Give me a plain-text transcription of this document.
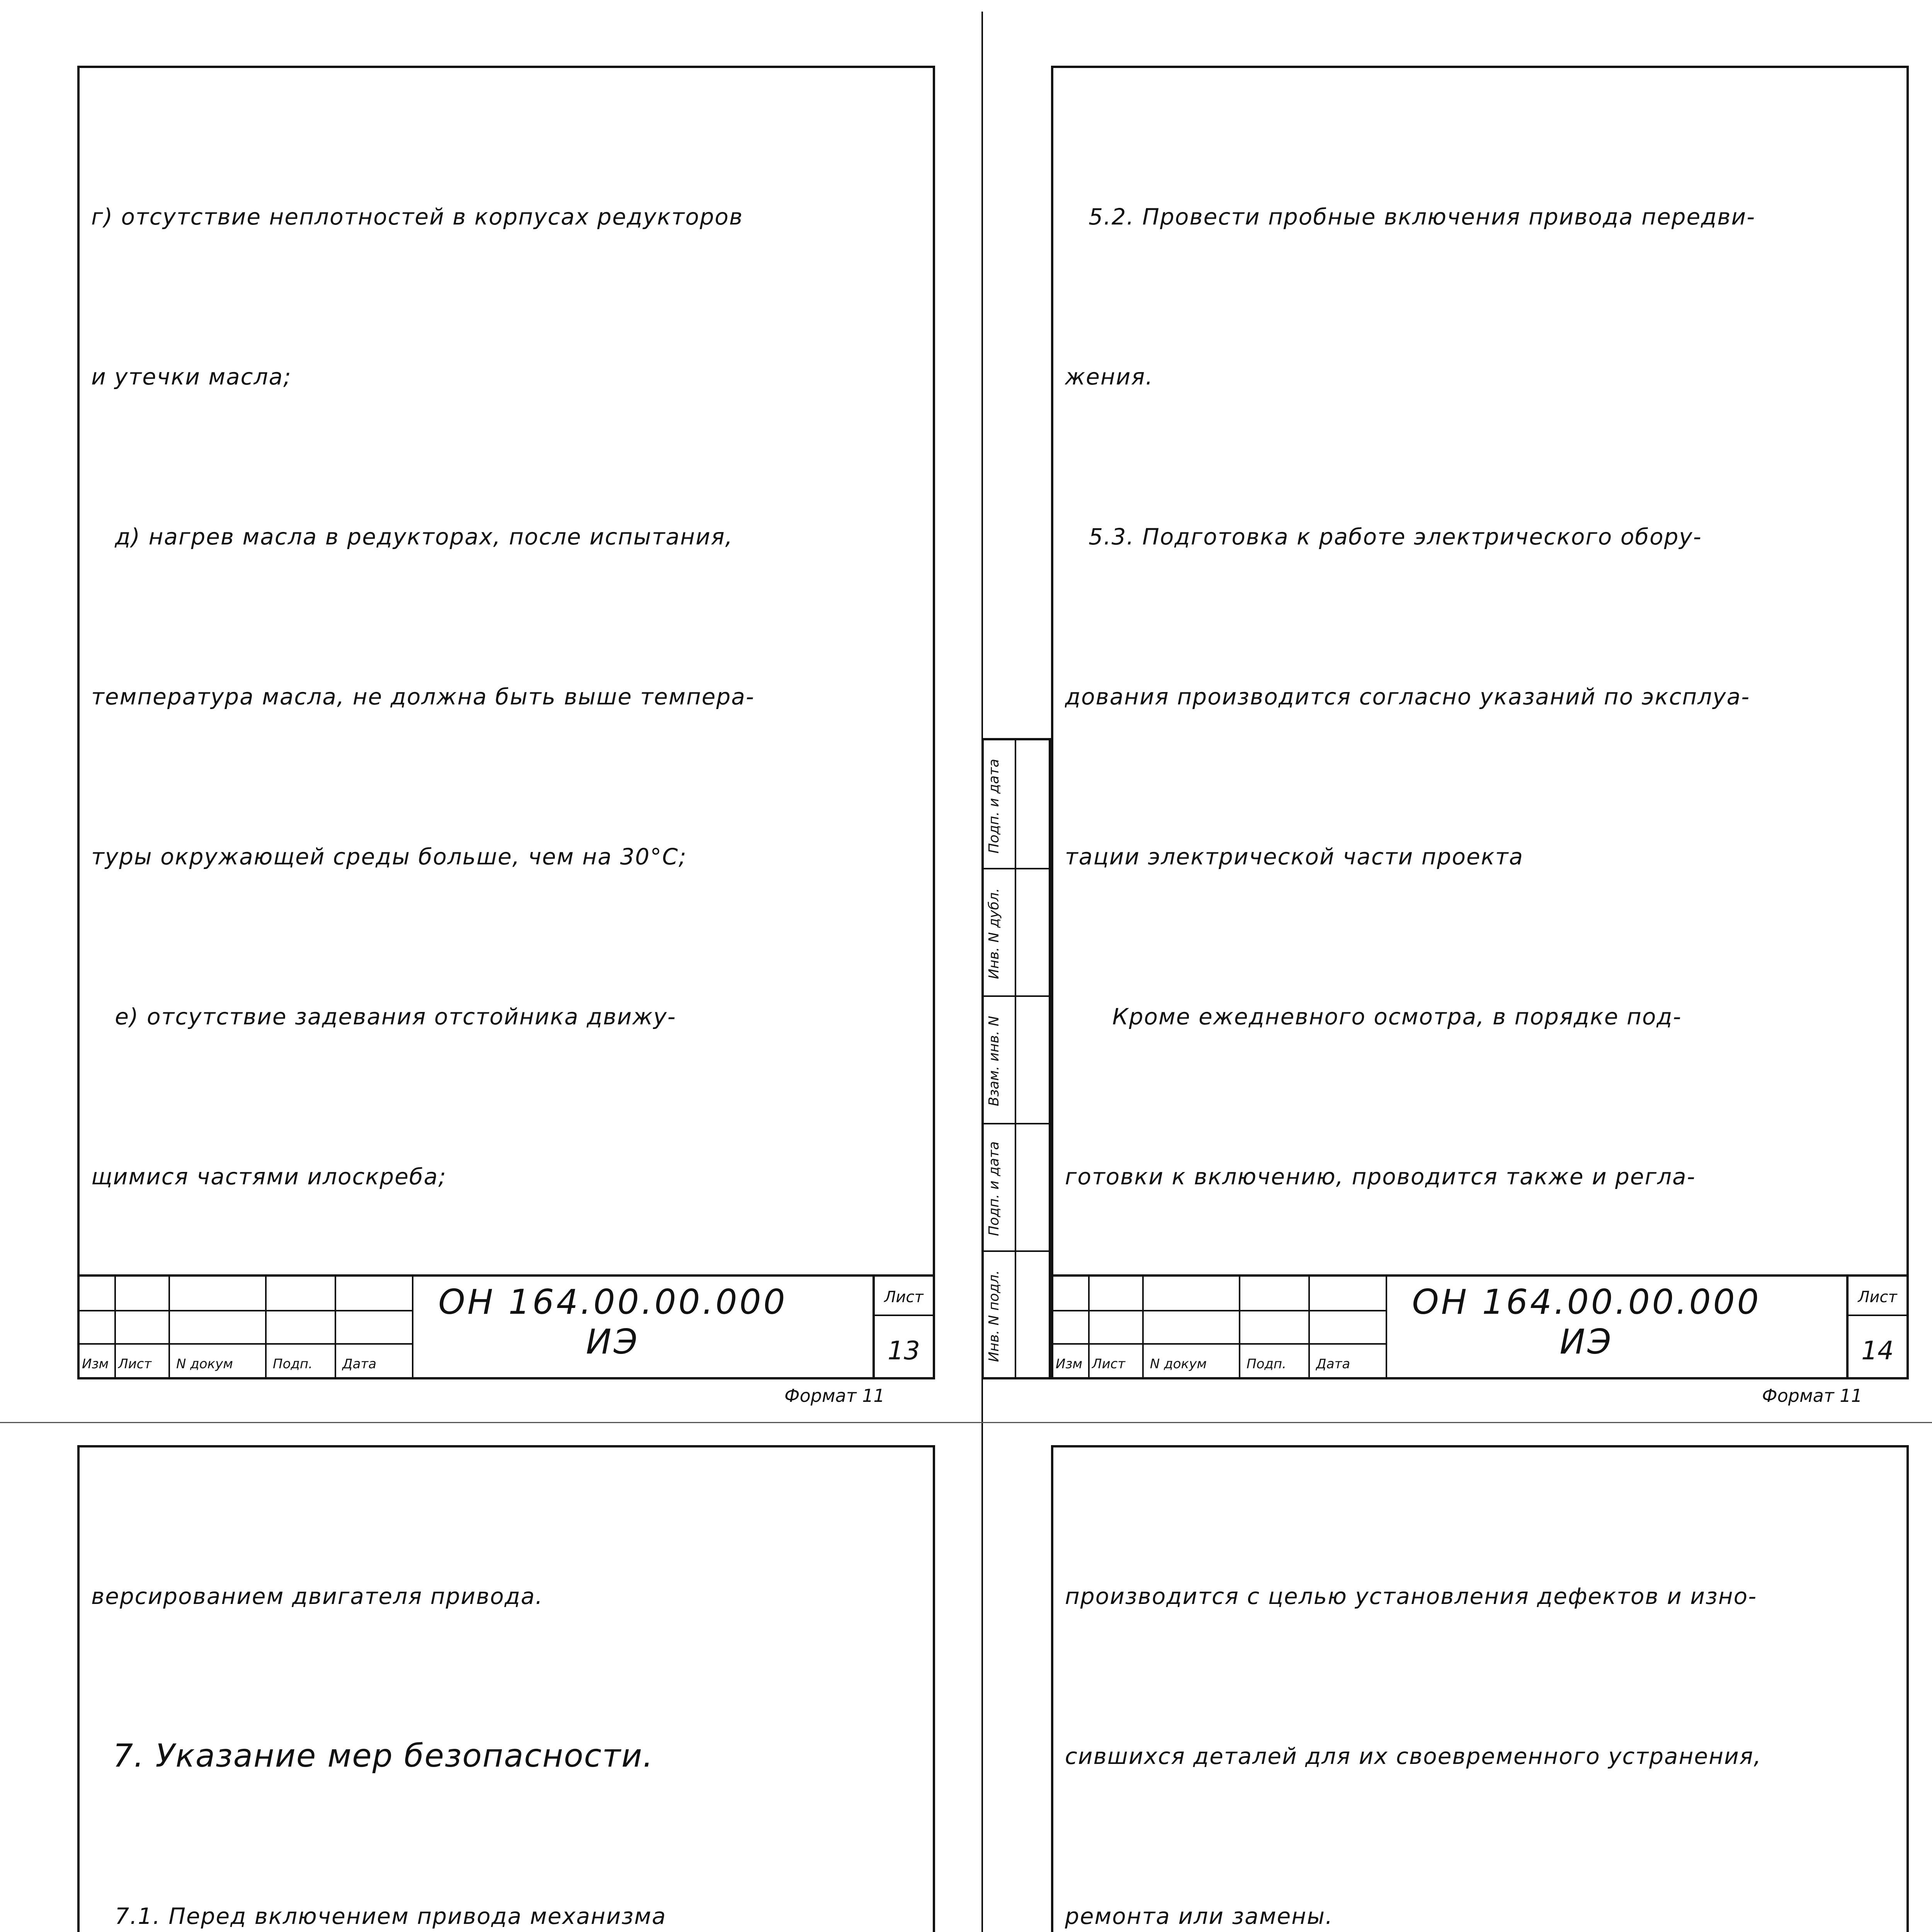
г) отсутствие неплотностей в корпусах редукторов

и утечки масла;

д) нагрев масла в редукторах, после испытания,

температура масла, не должна быть выше темпера-

туры окружающей среды больше, чем на 30°С;

е) отсутствие задевания отстойника движу-

щимися частями илоскреба;

Изм Лист N докум	Подп. Дата
ОН 164.00.00.000 ИЭ
Лист
13
Формат 11

5.2. Провести пробные включения привода передви-

жения.

5.3. Подготовка к работе электрического обору-

дования производится согласно указаний по эксплуа-

тации электрической части проекта

Кроме ежедневного осмотра, в порядке под-

готовки к включению, проводится также и регла-

Изм Лист N докум	Подп. Дата
ОН 164.00.00.000 ИЭ
Лист
14
Формат 11

версированием двигателя привода.

7. Указание мер безопасности.

7.1. Перед включением привода механизма

производится с целью установления дефектов и изно-

сившихся деталей для их своевременного устранения,

ремонта или замены.

Подп. и дата
Инв. N дубл.
Взам. инв. N
Подп. и дата
Инв. N подл.
